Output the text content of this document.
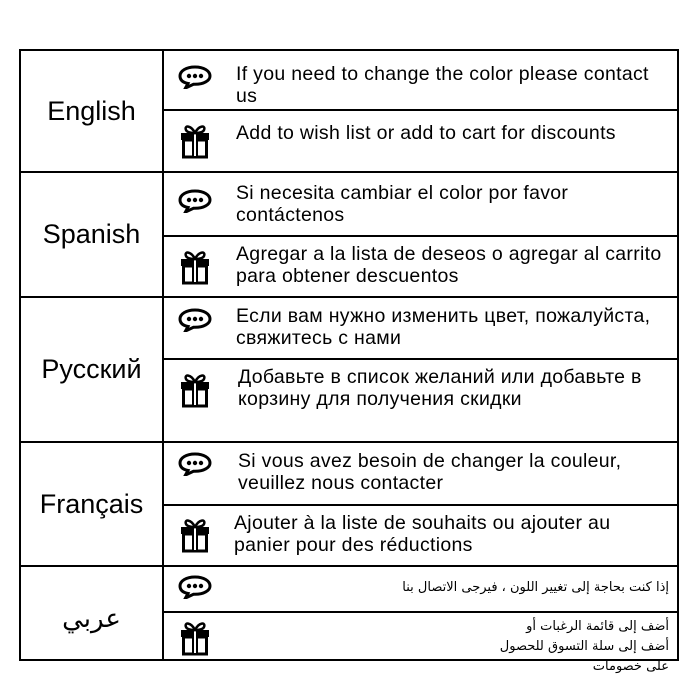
English
If you need to change the color please contact us
Add to wish list or add to cart for discounts
Spanish
Si necesita cambiar el color por favor contáctenos
Agregar a la lista de deseos o agregar al carrito para obtener descuentos
Русский
Если вам нужно изменить цвет, пожалуйста, свяжитесь с нами
Добавьте в список желаний или добавьте в корзину для получения скидки
Français
Si vous avez besoin de changer la couleur, veuillez nous contacter
Ajouter à la liste de souhaits ou ajouter au panier pour des réductions
عربي
إذا كنت بحاجة إلى تغيير اللون ، فيرجى الاتصال بنا
أضف إلى قائمة الرغبات أو أضف إلى سلة التسوق للحصول على خصومات
